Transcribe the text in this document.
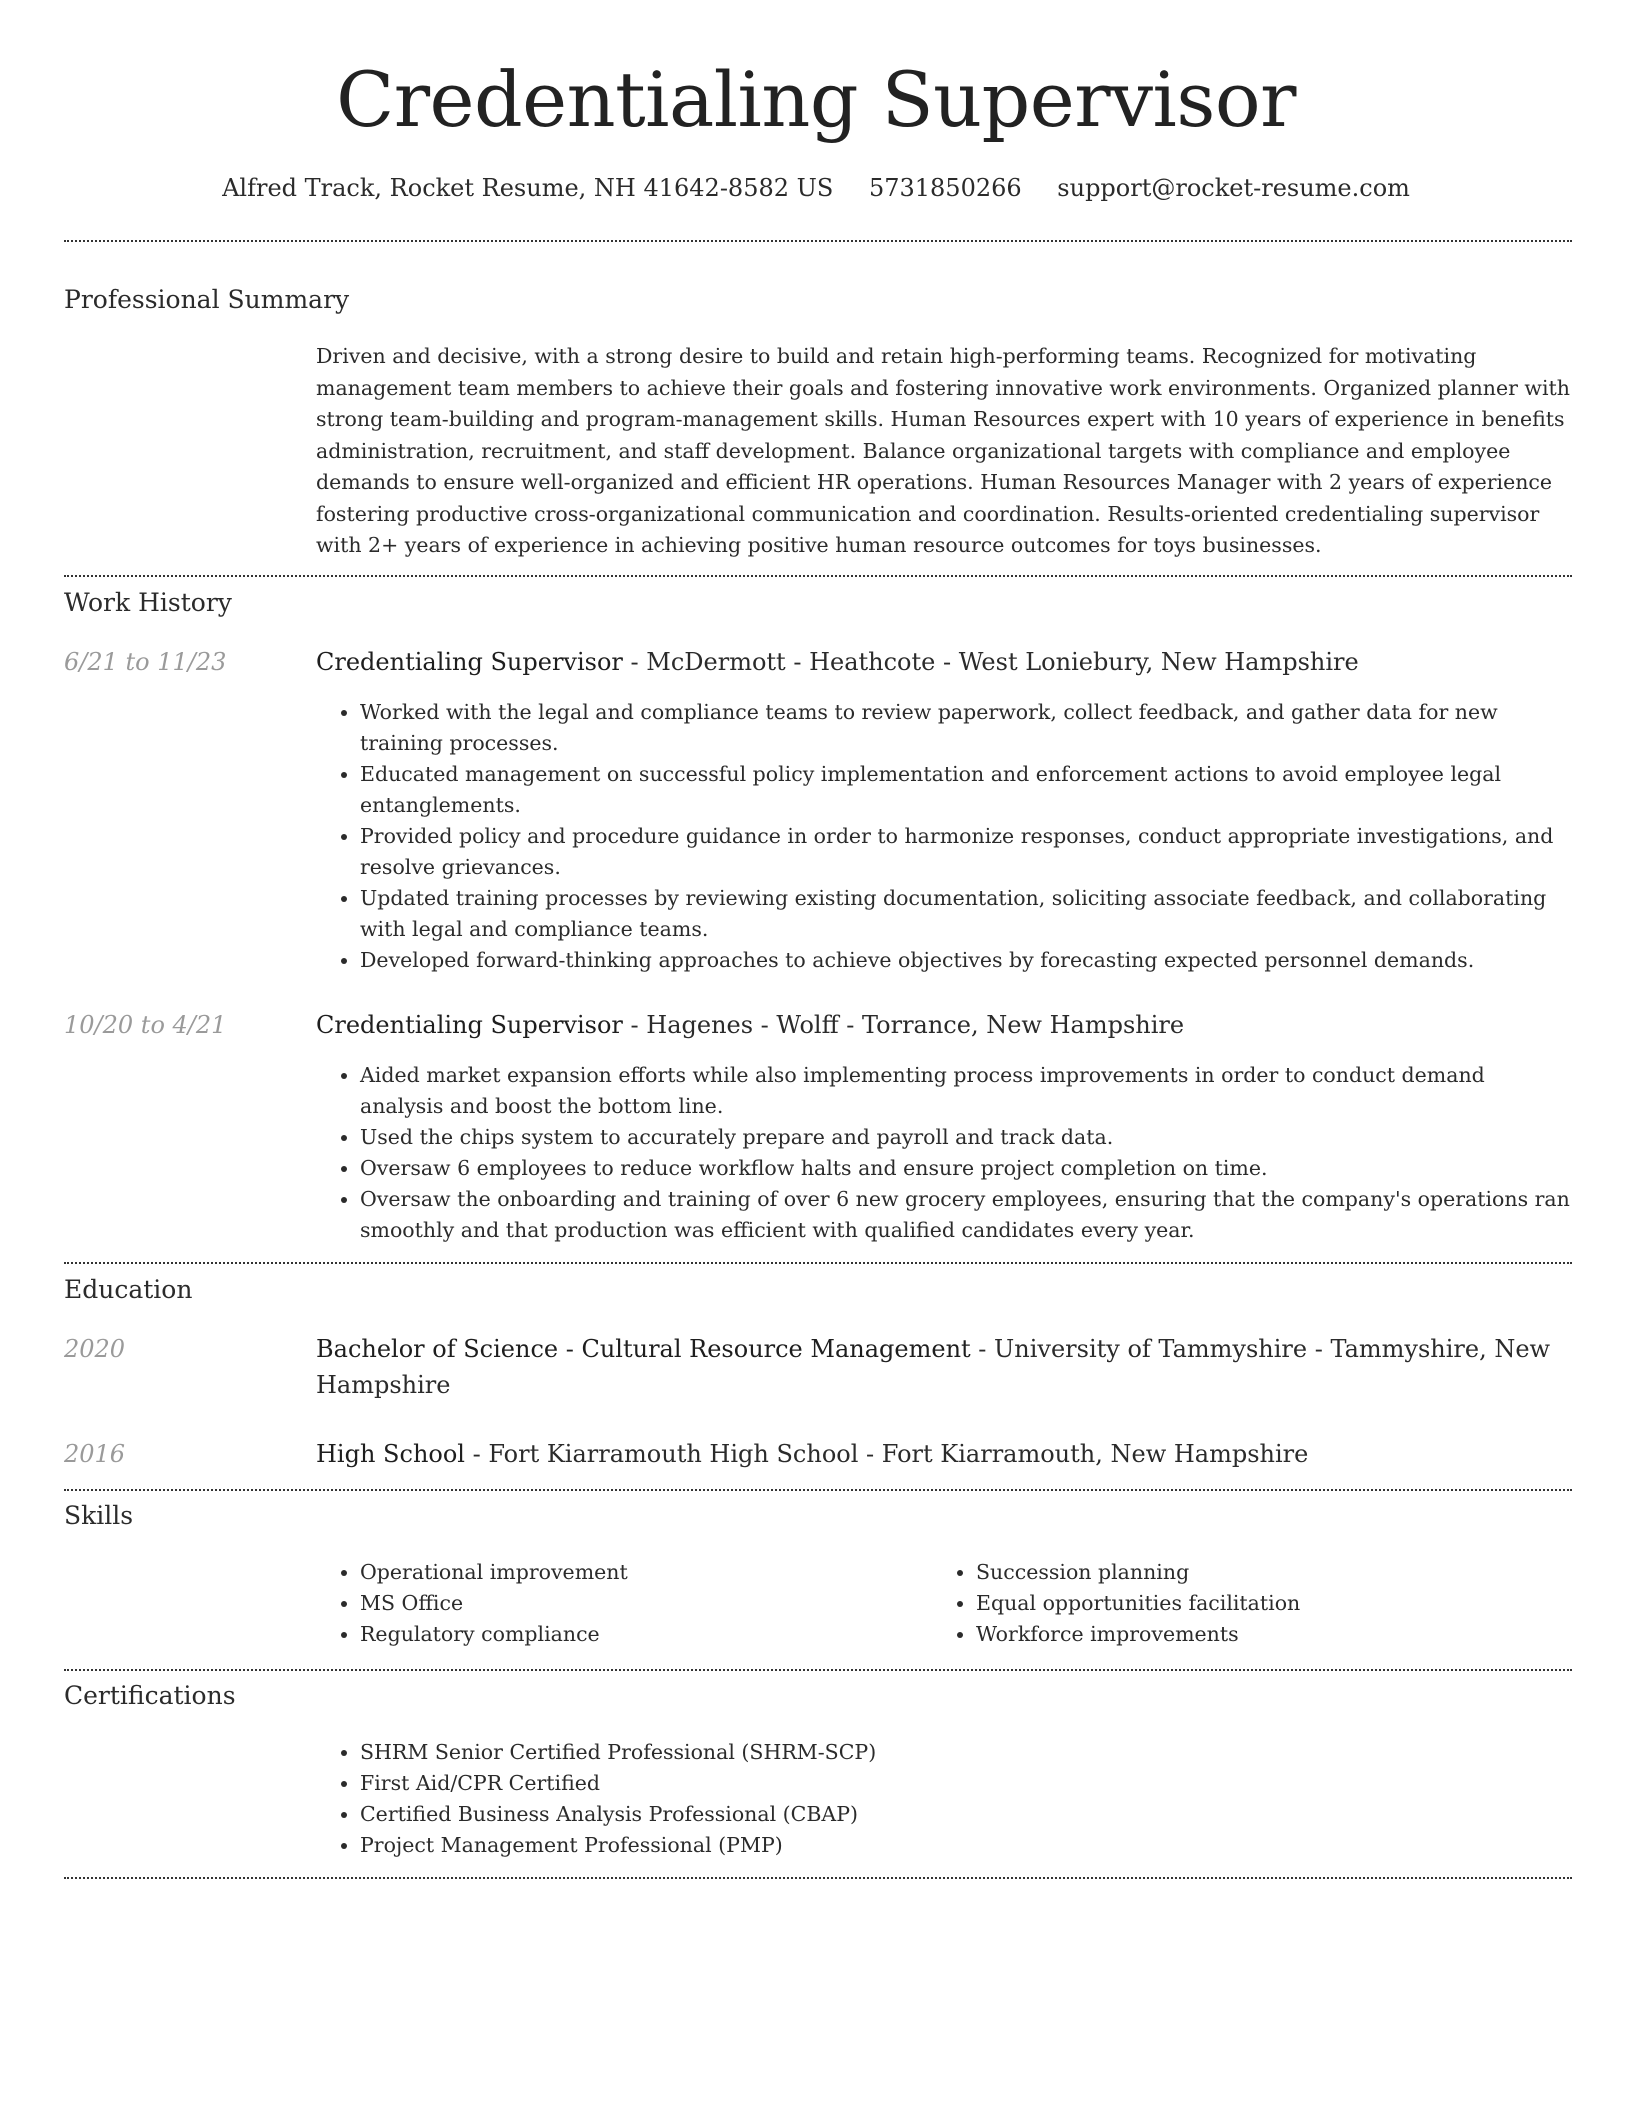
Credentialing Supervisor
Alfred Track, Rocket Resume, NH 41642-8582 US 5731850266 support@rocket-resume.com
Professional Summary

Driven and decisive, with a strong desire to build and retain high-performing teams. Recognized for motivating management team members to achieve their goals and fostering innovative work environments. Organized planner with strong team-building and program-management skills. Human Resources expert with 10 years of experience in benefits administration, recruitment, and staff development. Balance organizational targets with compliance and employee demands to ensure well-organized and efficient HR operations. Human Resources Manager with 2 years of experience fostering productive cross-organizational communication and coordination. Results-oriented credentialing supervisor with 2+ years of experience in achieving positive human resource outcomes for toys businesses.

Work History
6/21 to 11/23	Credentialing Supervisor - McDermott - Heathcote - West Loniebury, New Hampshire
• Worked with the legal and compliance teams to review paperwork, collect feedback, and gather data for new training processes.
• Educated management on successful policy implementation and enforcement actions to avoid employee legal entanglements.
• Provided policy and procedure guidance in order to harmonize responses, conduct appropriate investigations, and resolve grievances.
• Updated training processes by reviewing existing documentation, soliciting associate feedback, and collaborating with legal and compliance teams.
• Developed forward-thinking approaches to achieve objectives by forecasting expected personnel demands.
10/20 to 4/21	Credentialing Supervisor - Hagenes - Wolff - Torrance, New Hampshire
• Aided market expansion efforts while also implementing process improvements in order to conduct demand analysis and boost the bottom line.
• Used the chips system to accurately prepare and payroll and track data.
• Oversaw 6 employees to reduce workflow halts and ensure project completion on time.
• Oversaw the onboarding and training of over 6 new grocery employees, ensuring that the company's operations ran smoothly and that production was efficient with qualified candidates every year.
Education
2020	Bachelor of Science - Cultural Resource Management - University of Tammyshire - Tammyshire, New Hampshire
2016	High School - Fort Kiarramouth High School - Fort Kiarramouth, New Hampshire
Skills
• Operational improvement
• MS Office
• Regulatory compliance
• Succession planning
• Equal opportunities facilitation
• Workforce improvements
Certifications
• SHRM Senior Certified Professional (SHRM-SCP)
• First Aid/CPR Certified
• Certified Business Analysis Professional (CBAP)
• Project Management Professional (PMP)
